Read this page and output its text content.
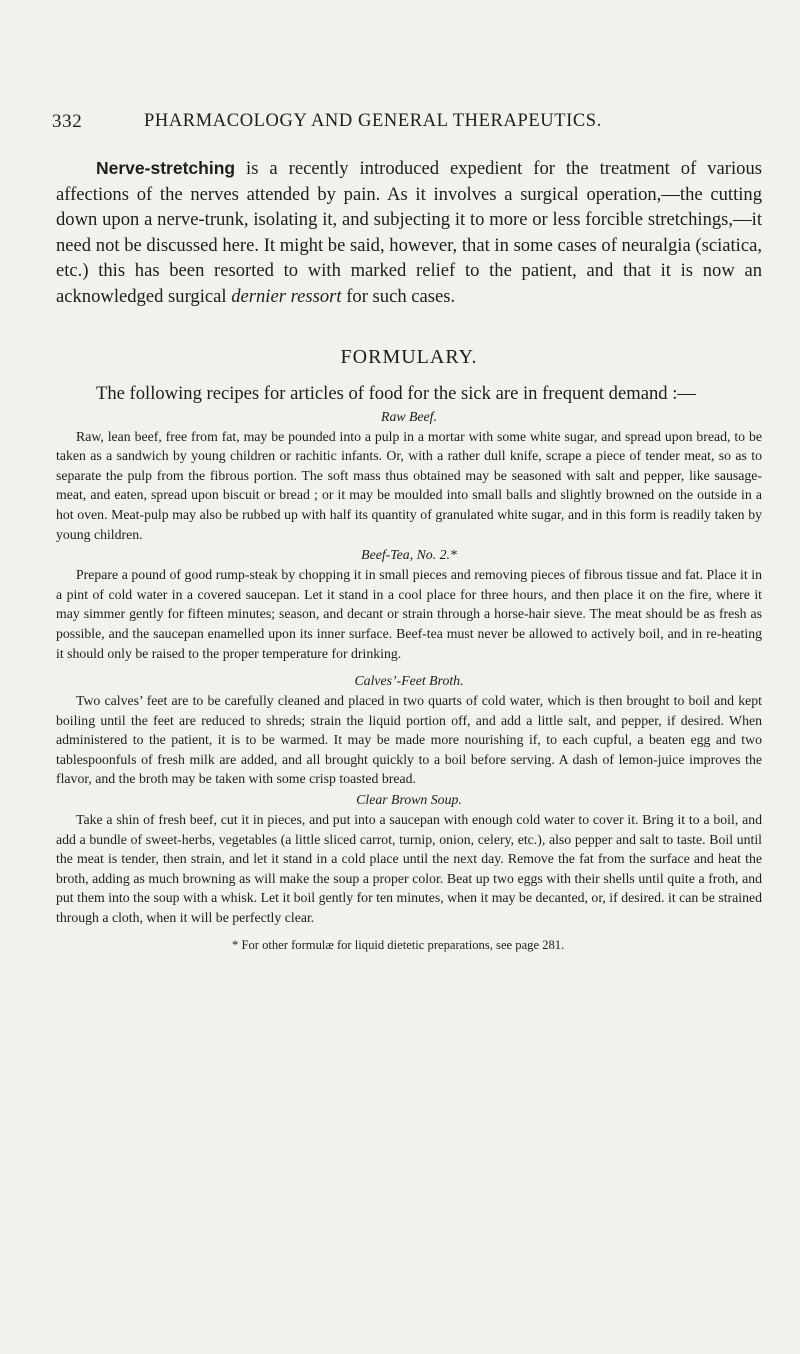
332	PHARMACOLOGY AND GENERAL THERAPEUTICS.

Nerve-stretching is a recently introduced expedient for the treatment of various affections of the nerves attended by pain. As it involves a surgical operation,—the cutting down upon a nerve-trunk, isolating it, and subjecting it to more or less forcible stretchings,—it need not be discussed here. It might be said, however, that in some cases of neuralgia (sciatica, etc.) this has been resorted to with marked relief to the patient, and that it is now an acknowledged surgical dernier ressort for such cases.

FORMULARY.

The following recipes for articles of food for the sick are in frequent demand :—

Raw Beef.

Raw, lean beef, free from fat, may be pounded into a pulp in a mortar with some white sugar, and spread upon bread, to be taken as a sandwich by young children or rachitic infants. Or, with a rather dull knife, scrape a piece of tender meat, so as to separate the pulp from the fibrous portion. The soft mass thus obtained may be seasoned with salt and pepper, like sausage-meat, and eaten, spread upon biscuit or bread ; or it may be moulded into small balls and slightly browned on the outside in a hot oven. Meat-pulp may also be rubbed up with half its quantity of granulated white sugar, and in this form is readily taken by young children.

Beef-Tea, No. 2.*

Prepare a pound of good rump-steak by chopping it in small pieces and removing pieces of fibrous tissue and fat. Place it in a pint of cold water in a covered saucepan. Let it stand in a cool place for three hours, and then place it on the fire, where it may simmer gently for fifteen minutes; season, and decant or strain through a horse-hair sieve. The meat should be as fresh as possible, and the saucepan enamelled upon its inner surface. Beef-tea must never be allowed to actively boil, and in re-heating it should only be raised to the proper temperature for drinking.

Calves’-Feet Broth.

Two calves’ feet are to be carefully cleaned and placed in two quarts of cold water, which is then brought to boil and kept boiling until the feet are reduced to shreds; strain the liquid portion off, and add a little salt, and pepper, if desired. When administered to the patient, it is to be warmed. It may be made more nourishing if, to each cupful, a beaten egg and two tablespoonfuls of fresh milk are added, and all brought quickly to a boil before serving. A dash of lemon-juice improves the flavor, and the broth may be taken with some crisp toasted bread.

Clear Brown Soup.

Take a shin of fresh beef, cut it in pieces, and put into a saucepan with enough cold water to cover it. Bring it to a boil, and add a bundle of sweet-herbs, vegetables (a little sliced carrot, turnip, onion, celery, etc.), also pepper and salt to taste. Boil until the meat is tender, then strain, and let it stand in a cold place until the next day. Remove the fat from the surface and heat the broth, adding as much browning as will make the soup a proper color. Beat up two eggs with their shells until quite a froth, and put them into the soup with a whisk. Let it boil gently for ten minutes, when it may be decanted, or, if desired. it can be strained through a cloth, when it will be perfectly clear.

* For other formulæ for liquid dietetic preparations, see page 281.
